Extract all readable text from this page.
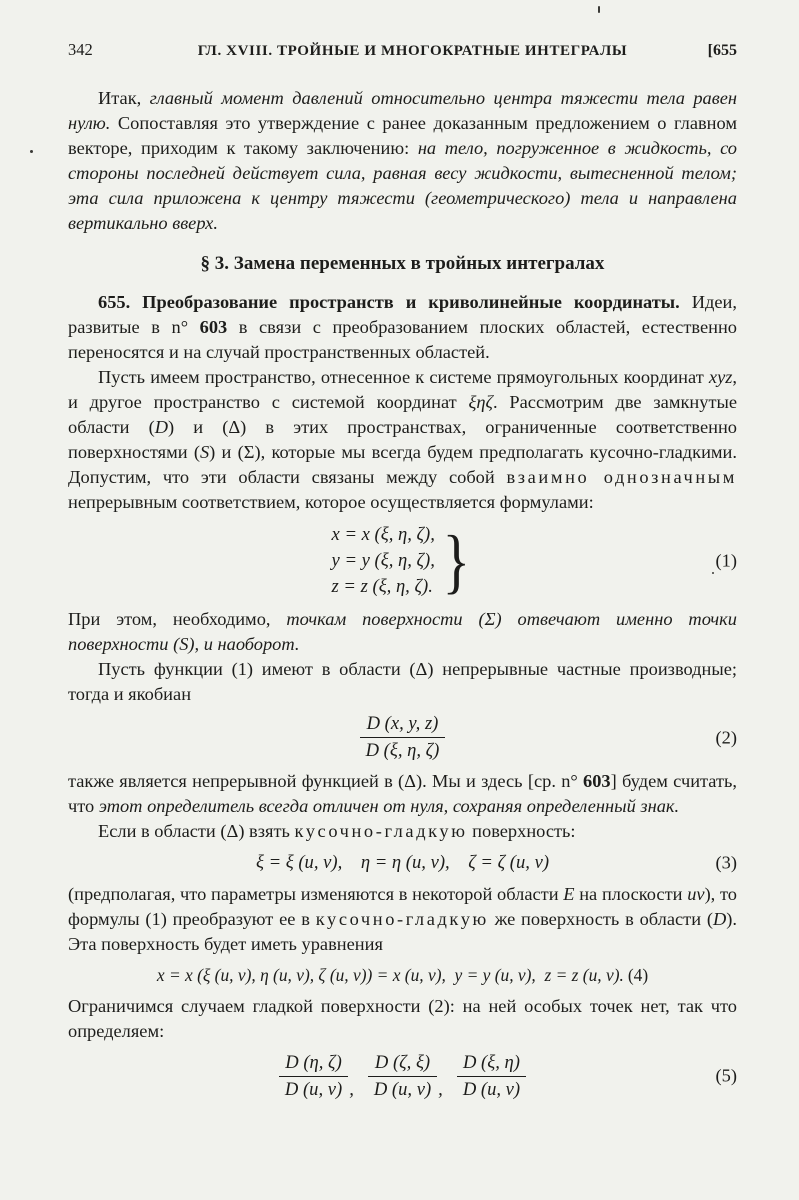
342	ГЛ. XVIII. ТРОЙНЫЕ И МНОГОКРАТНЫЕ ИНТЕГРАЛЫ	[655

Итак, главный момент давлений относительно центра тяжести тела равен нулю. Сопоставляя это утверждение с ранее доказанным предложением о главном векторе, приходим к такому заключению: на тело, погруженное в жидкость, со стороны последней действует сила, равная весу жидкости, вытесненной телом; эта сила приложена к центру тяжести (геометрического) тела и направлена вертикально вверх.

§ 3. Замена переменных в тройных интегралах

655. Преобразование пространств и криволинейные координаты. Идеи, развитые в n° 603 в связи с преобразованием плоских областей, естественно переносятся и на случай пространственных областей.

Пусть имеем пространство, отнесенное к системе прямоугольных координат xyz, и другое пространство с системой координат ξηζ. Рассмотрим две замкнутые области (D) и (Δ) в этих пространствах, ограниченные соответственно поверхностями (S) и (Σ), которые мы всегда будем предполагать кусочно-гладкими. Допустим, что эти области связаны между собой взаимно однозначным непрерывным соответствием, которое осуществляется формулами:

x = x (ξ, η, ζ),
y = y (ξ, η, ζ),
z = z (ξ, η, ζ). }	(1)

При этом, необходимо, точкам поверхности (Σ) отвечают именно точки поверхности (S), и наоборот.

Пусть функции (1) имеют в области (Δ) непрерывные частные производные; тогда и якобиан

$\frac{D (x, y, z)}{D (\xi, \eta, \zeta)}$	(2)

также является непрерывной функцией в (Δ). Мы и здесь [ср. n° 603] будем считать, что этот определитель всегда отличен от нуля, сохраняя определенный знак.

Если в области (Δ) взять кусочно-гладкую поверхность:

ξ = ξ (u, v),  η = η (u, v),  ζ = ζ (u, v)	(3)

(предполагая, что параметры изменяются в некоторой области E на плоскости uv), то формулы (1) преобразуют ее в кусочно-гладкую же поверхность в области (D). Эта поверхность будет иметь уравнения

x = x (ξ (u, v), η (u, v), ζ (u, v)) = x (u, v), y = y (u, v), z = z (u, v). (4)

Ограничимся случаем гладкой поверхности (2): на ней особых точек нет, так что определяем:

$\frac{D (\eta, \zeta)}{D (u, v)}$ , $\frac{D (\zeta, \xi)}{D (u, v)}$ , $\frac{D (\xi, \eta)}{D (u, v)}$	(5)
